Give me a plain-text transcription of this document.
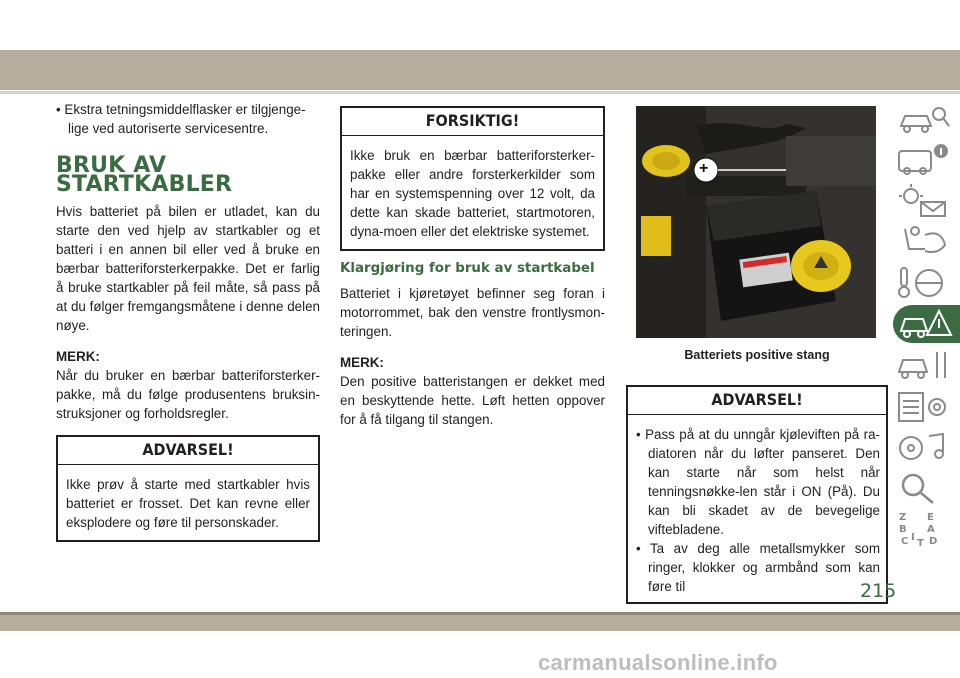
• Ekstra tetningsmiddelflasker er tilgjenge-lige ved autoriserte servicesentre.

BRUK AV STARTKABLER

Hvis batteriet på bilen er utladet, kan du starte den ved hjelp av startkabler og et batteri i en annen bil eller ved å bruke en bærbar batteriforsterkerpakke. Det er farlig å bruke startkabler på feil måte, så pass på at du følger fremgangsmåtene i denne delen nøye.

MERK:

Når du bruker en bærbar batteriforsterker-pakke, må du følge produsentens bruksin-struksjoner og forholdsregler.

ADVARSEL!
Ikke prøv å starte med startkabler hvis batteriet er frosset. Det kan revne eller eksplodere og føre til personskader.
FORSIKTIG!
Ikke bruk en bærbar batteriforsterker-pakke eller andre forsterkerkilder som har en systemspenning over 12 volt, da dette kan skade batteriet, startmotoren, dyna-moen eller det elektriske systemet.
Klargjøring for bruk av startkabel

Batteriet i kjøretøyet befinner seg foran i motorrommet, bak den venstre frontlysmon-teringen.

MERK:

Den positive batteristangen er dekket med en beskyttende hette. Løft hetten oppover for å få tilgang til stangen.

+
Batteriets positive stang
ADVARSEL!
• Pass på at du unngår kjøleviften på ra-diatoren når du løfter panseret. Den kan starte når som helst når tenningsnøkke-len står i ON (På). Du kan bli skadet av de bevegelige viftebladene.
• Ta av deg alle metallsmykker som ringer, klokker og armbånd som kan føre til
Z E
B A
C D
I
T
215
carmanualsonline.info
